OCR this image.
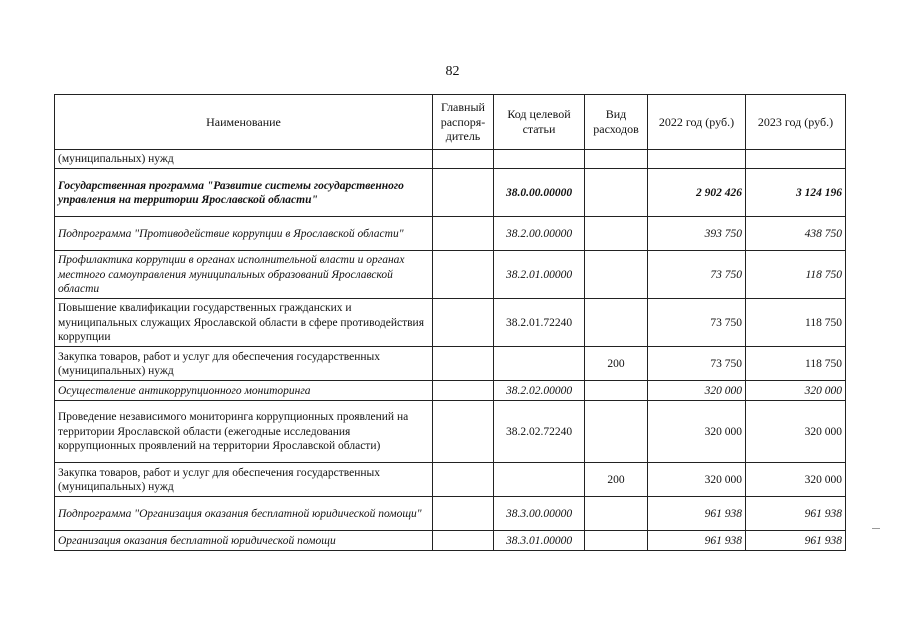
82
Наименование	Главный распоря-дитель	Код целевой статьи	Вид расходов	2022 год (руб.)	2023 год (руб.)
(муниципальных) нужд					
Государственная программа "Развитие системы государственного управления на территории Ярославской области"		38.0.00.00000		2 902 426	3 124 196
Подпрограмма "Противодействие коррупции в Ярославской области"		38.2.00.00000		393 750	438 750
Профилактика коррупции в органах исполнительной власти и органах местного самоуправления муниципальных образований Ярославской области		38.2.01.00000		73 750	118 750
Повышение квалификации государственных гражданских и муниципальных служащих Ярославской области в сфере противодействия коррупции		38.2.01.72240		73 750	118 750
Закупка товаров, работ и услуг для обеспечения государственных (муниципальных) нужд			200	73 750	118 750
Осуществление антикоррупционного мониторинга		38.2.02.00000		320 000	320 000
Проведение независимого мониторинга коррупционных проявлений на территории Ярославской области (ежегодные исследования коррупционных проявлений на территории Ярославской области)		38.2.02.72240		320 000	320 000
Закупка товаров, работ и услуг для обеспечения государственных (муниципальных) нужд			200	320 000	320 000
Подпрограмма "Организация оказания бесплатной юридической помощи"		38.3.00.00000		961 938	961 938
Организация оказания бесплатной юридической помощи		38.3.01.00000		961 938	961 938
